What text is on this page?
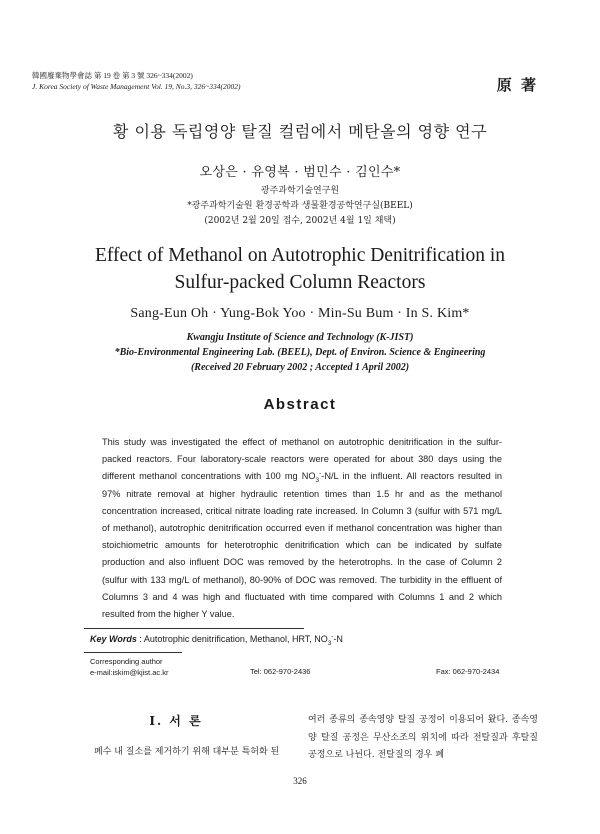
韓國廢棄物學會誌 第 19 卷 第 3 號 326~334(2002)
J. Korea Society of Waste Management Vol. 19, No.3, 326~334(2002)	原 著
황 이용 독립영양 탈질 컬럼에서 메탄올의 영향 연구
오상은 · 유영복 · 범민수 · 김인수*
광주과학기술연구원
*광주과학기술원 환경공학과 생물환경공학연구실(BEEL)
(2002년 2월 20일 접수, 2002년 4월 1일 채택)
Effect of Methanol on Autotrophic Denitrification in
Sulfur-packed Column Reactors
Sang-Eun Oh · Yung-Bok Yoo · Min-Su Bum · In S. Kim*
Kwangju Institute of Science and Technology (K-JIST)
*Bio-Environmental Engineering Lab. (BEEL), Dept. of Environ. Science & Engineering
(Received 20 February 2002 ; Accepted 1 April 2002)
Abstract
This study was investigated the effect of methanol on autotrophic denitrification in the sulfur-packed reactors. Four laboratory-scale reactors were operated for about 380 days using the different methanol concentrations with 100 mg $NO_3^--N/L$ in the influent. All reactors resulted in 97% nitrate removal at higher hydraulic retention times than 1.5 hr and as the methanol concentration increased, critical nitrate loading rate increased. In Column 3 (sulfur with 571 mg/L of methanol), autotrophic denitrification occurred even if methanol concentration was higher than stoichiometric amounts for heterotrophic denitrification which can be indicated by sulfate production and also influent DOC was removed by the heterotrophs. In the case of Column 2 (sulfur with 133 mg/L of methanol), 80-90% of DOC was removed. The turbidity in the effluent of Columns 3 and 4 was high and fluctuated with time compared with Columns 1 and 2 which resulted from the higher Y value.
Key Words : Autotrophic denitrification, Methanol, HRT, $NO_3^--N$
Corresponding author
e-mail:iskim@kjist.ac.kr	Tel: 062-970-2436	Fax: 062-970-2434
Ⅰ. 서 론
폐수 내 질소를 제거하기 위해 대부분 특허화 된
여러 종류의 종속영양 탈질 공정이 이용되어 왔다. 종속영양 탈질 공정은 무산소조의 위치에 따라 전탈질과 후탈질 공정으로 나뉜다. 전탈질의 경우 폐
326
